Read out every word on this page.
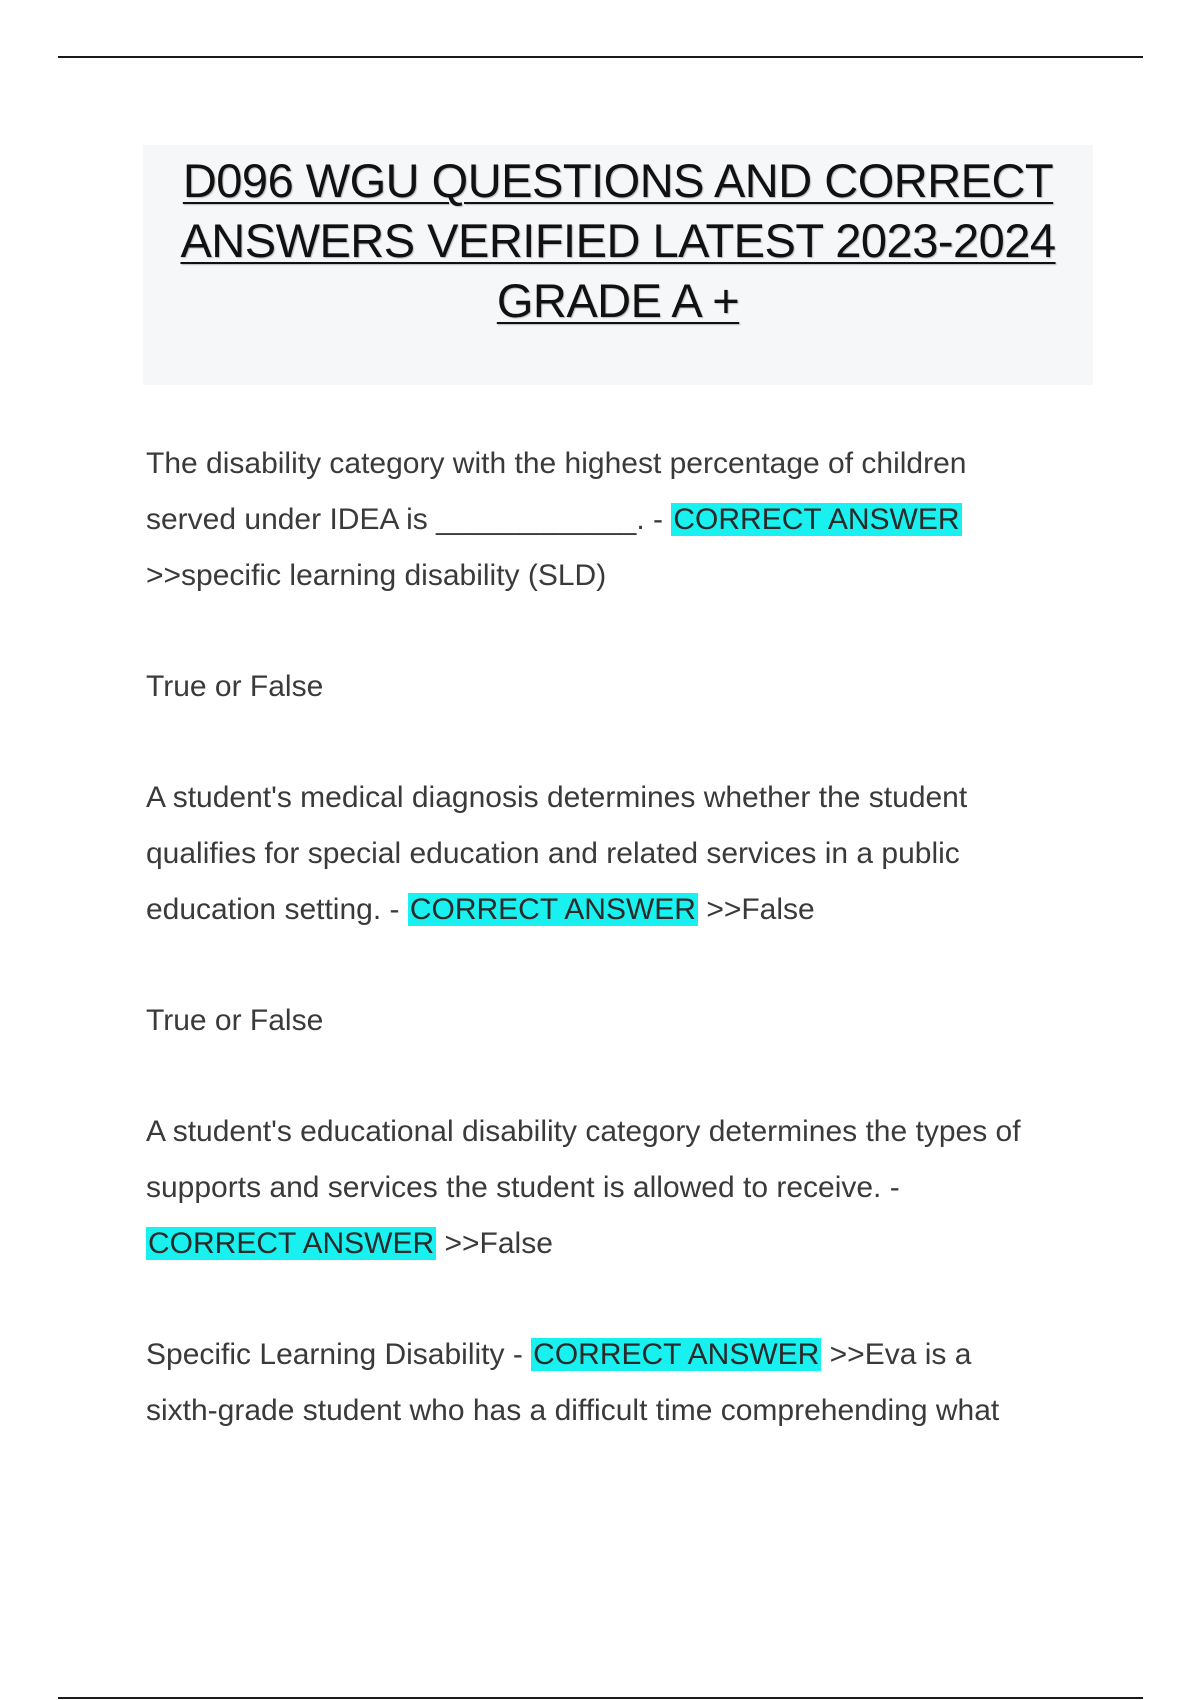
D096 WGU QUESTIONS AND CORRECT
ANSWERS VERIFIED LATEST 2023-2024
GRADE A +

The disability category with the highest percentage of children
served under IDEA is ____________. - CORRECT ANSWER
>>specific learning disability (SLD)

True or False

A student's medical diagnosis determines whether the student
qualifies for special education and related services in a public
education setting. - CORRECT ANSWER >>False

True or False

A student's educational disability category determines the types of
supports and services the student is allowed to receive. -
CORRECT ANSWER >>False

Specific Learning Disability - CORRECT ANSWER >>Eva is a
sixth-grade student who has a difficult time comprehending what
